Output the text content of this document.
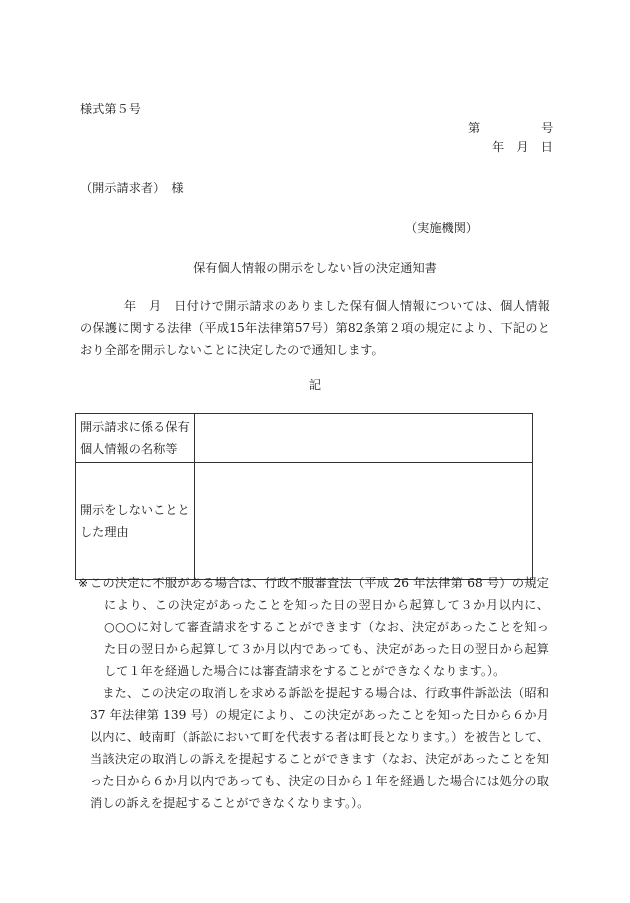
様式第５号
第　　　　　号
年　月　日
（開示請求者）　様
（実施機関）
保有個人情報の開示をしない旨の決定通知書
年　月　日付けで開示請求のありました保有個人情報については、個人情報の保護に関する法律（平成15年法律第57号）第82条第２項の規定により、下記のとおり全部を開示しないことに決定したので通知します。
記
開示請求に係る保有個人情報の名称等	
開示をしないこととした理由	
※ この決定に不服がある場合は、行政不服審査法（平成 26 年法律第 68 号）の規定により、この決定があったことを知った日の翌日から起算して３か月以内に、○○○に対して審査請求をすることができます（なお、決定があったことを知った日の翌日から起算して３か月以内であっても、決定があった日の翌日から起算して１年を経過した場合には審査請求をすることができなくなります。）。
また、この決定の取消しを求める訴訟を提起する場合は、行政事件訴訟法（昭和 37 年法律第 139 号）の規定により、この決定があったことを知った日から６か月以内に、岐南町（訴訟において町を代表する者は町長となります。）を被告として、当該決定の取消しの訴えを提起することができます（なお、決定があったことを知った日から６か月以内であっても、決定の日から１年を経過した場合には処分の取消しの訴えを提起することができなくなります。）。
